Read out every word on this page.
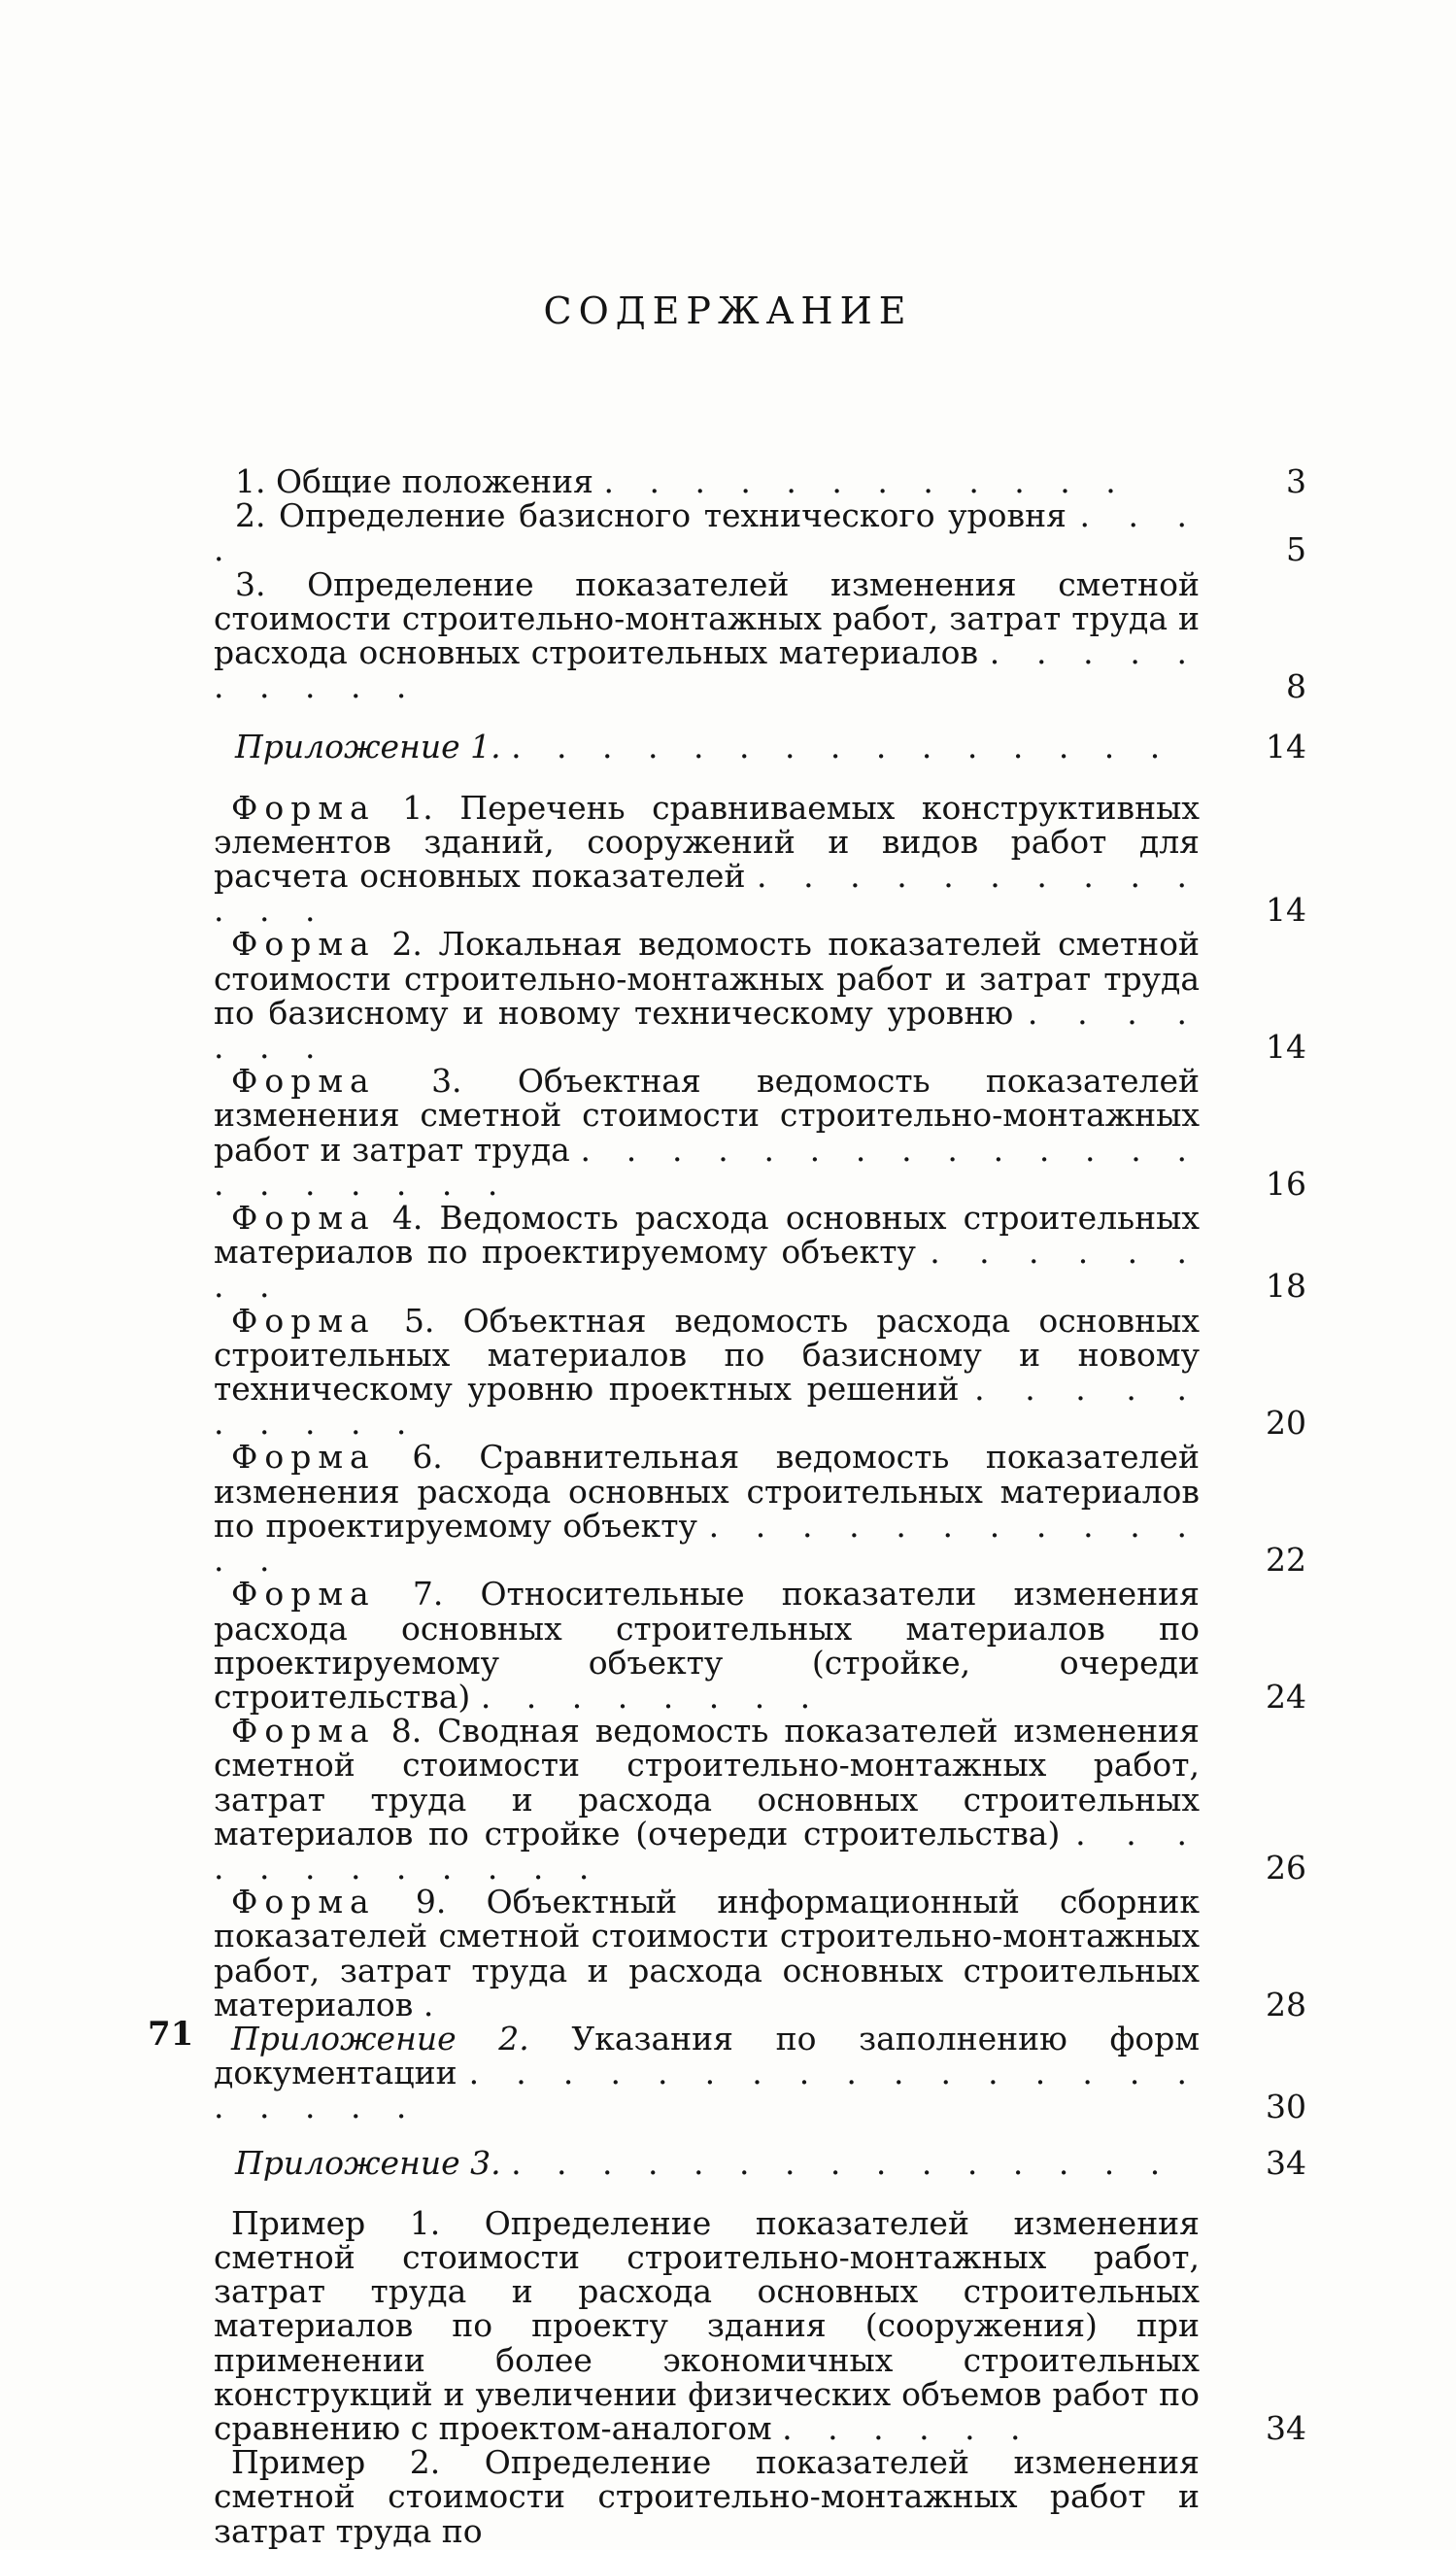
СОДЕРЖАНИЕ
1. Общие положения . . . . . . . . . . . .	3
2. Определение базисного технического уровня . . . .	5
3. Определение показателей изменения сметной стоимости строительно-монтажных работ, затрат труда и расхода основных строительных материалов . . . . . . . . . .	8
Приложение 1. . . . . . . . . . . . . . . .	14
Форма 1. Перечень сравниваемых конструктивных элементов зданий, сооружений и видов работ для расчета основных показателей . . . . . . . . . . . . .	14
Форма 2. Локальная ведомость показателей сметной стоимости строительно-монтажных работ и затрат труда по базисному и новому техническому уровню . . . . . . .	14
Форма 3. Объектная ведомость показателей изменения сметной стоимости строительно-монтажных работ и затрат труда . . . . . . . . . . . . . . . . . . . . .	16
Форма 4. Ведомость расхода основных строительных материалов по проектируемому объекту . . . . . . . .	18
Форма 5. Объектная ведомость расхода основных строительных материалов по базисному и новому техническому уровню проектных решений . . . . . . . . . .	20
Форма 6. Сравнительная ведомость показателей изменения расхода основных строительных материалов по проектируемому объекту . . . . . . . . . . . . .	22
Форма 7. Относительные показатели изменения расхода основных строительных материалов по проектируемому объекту (стройке, очереди строительства) . . . . . . . .	24
Форма 8. Сводная ведомость показателей изменения сметной стоимости строительно-монтажных работ, затрат труда и расхода основных строительных материалов по стройке (очереди строительства) . . . . . . . . . . . .	26
Форма 9. Объектный информационный сборник показателей сметной стоимости строительно-монтажных работ, затрат труда и расхода основных строительных материалов .	28
Приложение 2. Указания по заполнению форм документации . . . . . . . . . . . . . . . . . . . . .	30
Приложение 3. . . . . . . . . . . . . . . .	34
Пример 1. Определение показателей изменения сметной стоимости строительно-монтажных работ, затрат труда и расхода основных строительных материалов по проекту здания (сооружения) при применении более экономичных строительных конструкций и увеличении физических объемов работ по сравнению с проектом-аналогом . . . . . .	34
Пример 2. Определение показателей изменения сметной стоимости строительно-монтажных работ и затрат труда по
71
